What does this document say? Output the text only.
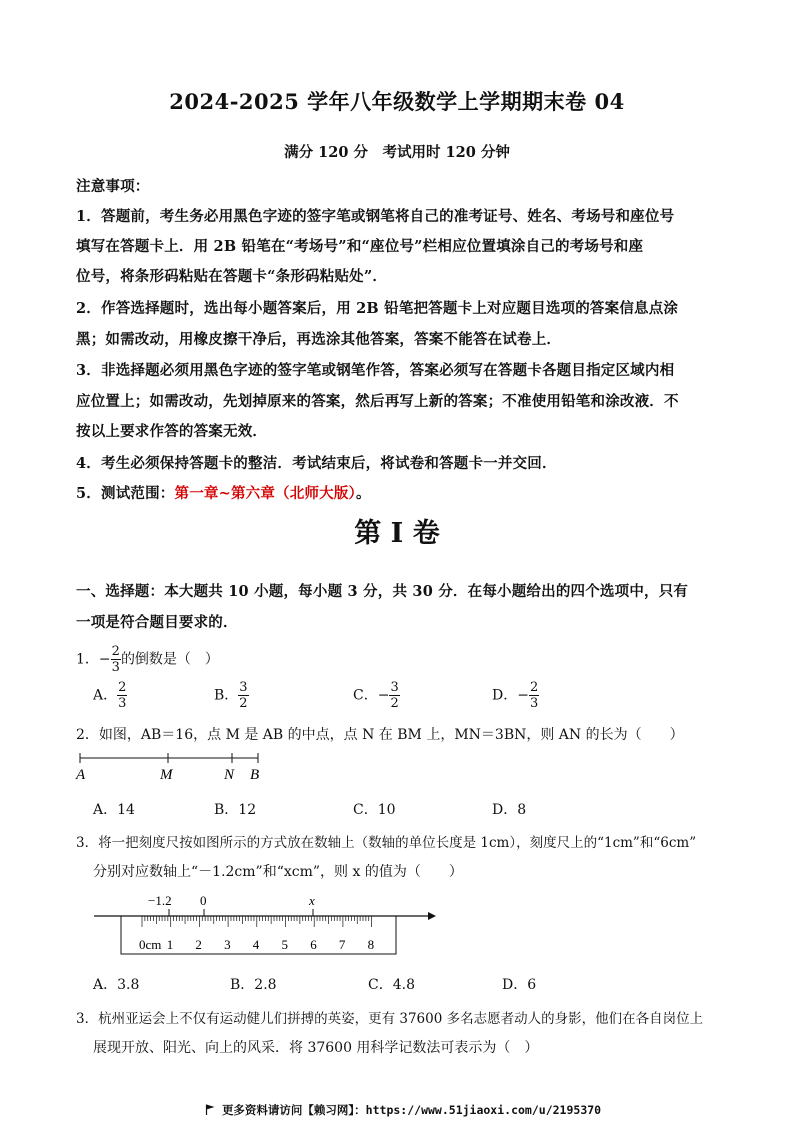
2024-2025 学年八年级数学上学期期末卷 04
满分 120 分　考试用时 120 分钟
注意事项：
1．答题前，考生务必用黑色字迹的签字笔或钢笔将自己的准考证号、姓名、考场号和座位号
填写在答题卡上．用 2B 铅笔在“考场号”和“座位号”栏相应位置填涂自己的考场号和座
位号，将条形码粘贴在答题卡“条形码粘贴处”．
2．作答选择题时，选出每小题答案后，用 2B 铅笔把答题卡上对应题目选项的答案信息点涂
黑；如需改动，用橡皮擦干净后，再选涂其他答案，答案不能答在试卷上．
3．非选择题必须用黑色字迹的签字笔或钢笔作答，答案必须写在答题卡各题目指定区域内相
应位置上；如需改动，先划掉原来的答案，然后再写上新的答案；不准使用铅笔和涂改液．不
按以上要求作答的答案无效．
4．考生必须保持答题卡的整洁．考试结束后，将试卷和答题卡一并交回．
5．测试范围：第一章~第六章（北师大版）。
第 I 卷
一、选择题：本大题共 10 小题，每小题 3 分，共 30 分．在每小题给出的四个选项中，只有
一项是符合题目要求的．
1．− $\frac{2}{3}$ 的倒数是（　）
A． $\frac{2}{3}$	B． $\frac{3}{2}$	C．− $\frac{3}{2}$	D．− $\frac{2}{3}$
2．如图，AB＝16，点 M 是 AB 的中点，点 N 在 BM 上，MN＝3BN，则 AN 的长为（　　）
A	M	N B
A．14	B．12	C．10	D．8
3．将一把刻度尺按如图所示的方式放在数轴上（数轴的单位长度是 1cm），刻度尺上的“1cm”和“6cm”
分别对应数轴上“－1.2cm”和“xcm”，则 x 的值为（　　）
0cm 1 2 3 4 5 6 7 8
−1.2 0	x
A．3.8	B．2.8	C．4.8	D．6
3．杭州亚运会上不仅有运动健儿们拼搏的英姿，更有 37600 多名志愿者动人的身影，他们在各自岗位上
展现开放、阳光、向上的风采．将 37600 用科学记数法可表示为（　）
更多资料请访问【赖习网】：https://www.51jiaoxi.com/u/2195370
